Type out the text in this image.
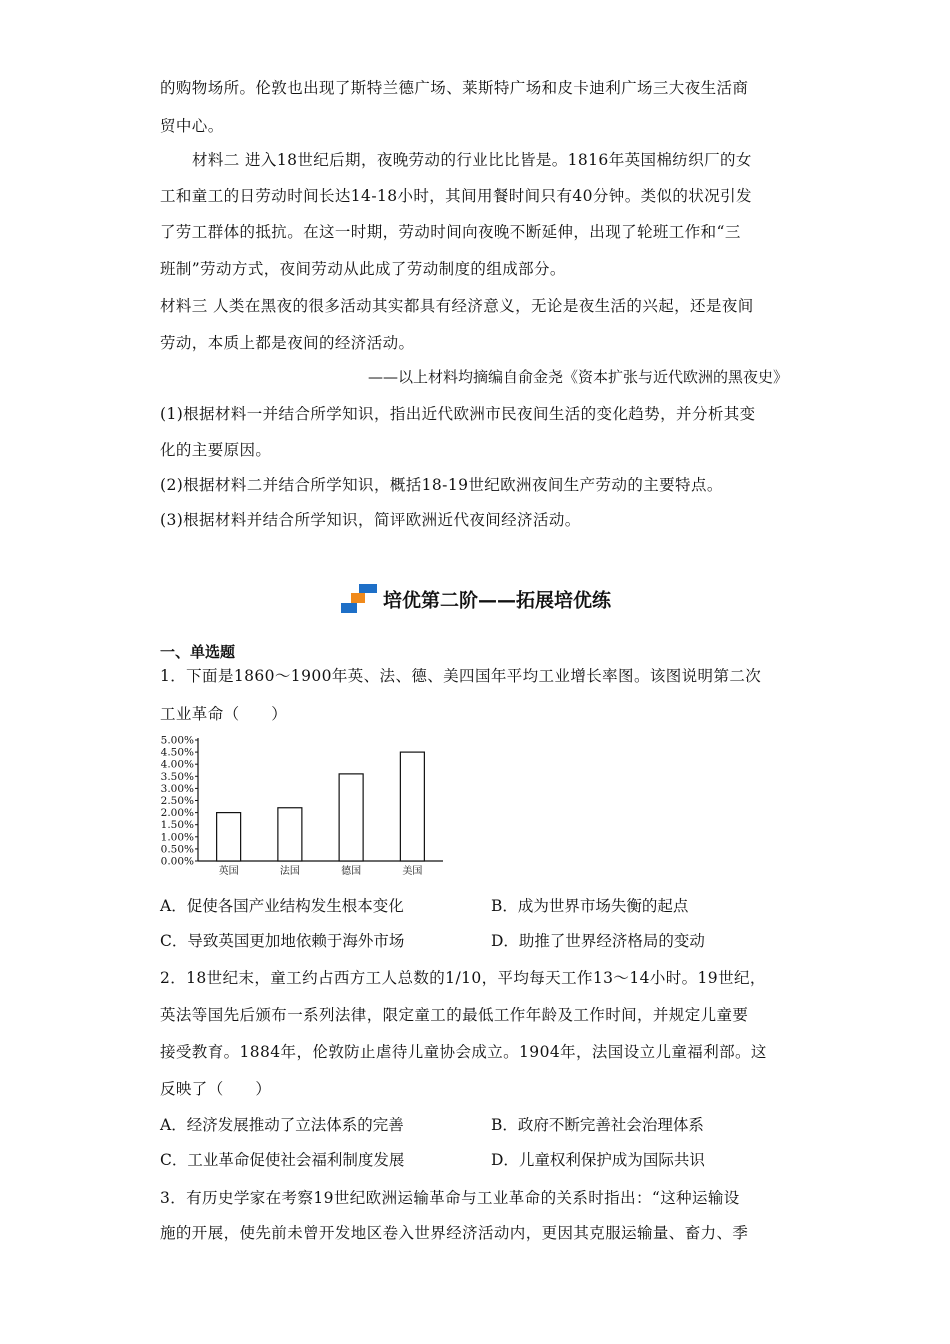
的购物场所。伦敦也出现了斯特兰德广场、莱斯特广场和皮卡迪利广场三大夜生活商
贸中心。
材料二 进入18世纪后期，夜晚劳动的行业比比皆是。1816年英国棉纺织厂的女
工和童工的日劳动时间长达14-18小时，其间用餐时间只有40分钟。类似的状况引发
了劳工群体的抵抗。在这一时期，劳动时间向夜晚不断延伸，出现了轮班工作和“三
班制”劳动方式，夜间劳动从此成了劳动制度的组成部分。
材料三 人类在黑夜的很多活动其实都具有经济意义，无论是夜生活的兴起，还是夜间
劳动，本质上都是夜间的经济活动。
——以上材料均摘编自俞金尧《资本扩张与近代欧洲的黑夜史》
(1)根据材料一并结合所学知识，指出近代欧洲市民夜间生活的变化趋势，并分析其变
化的主要原因。
(2)根据材料二并结合所学知识，概括18-19世纪欧洲夜间生产劳动的主要特点。
(3)根据材料并结合所学知识，简评欧洲近代夜间经济活动。
培优第二阶——拓展培优练
一、单选题
1．下面是1860～1900年英、法、德、美四国年平均工业增长率图。该图说明第二次
工业革命（　　）
0.00%
0.50%
1.00%
1.50%
2.00%
2.50%
3.00%
3.50%
4.00%
4.50%
5.00%
英国	法国	德国	美国
A．促使各国产业结构发生根本变化	B．成为世界市场失衡的起点
C．导致英国更加地依赖于海外市场	D．助推了世界经济格局的变动
2．18世纪末，童工约占西方工人总数的1/10，平均每天工作13～14小时。19世纪，
英法等国先后颁布一系列法律，限定童工的最低工作年龄及工作时间，并规定儿童要
接受教育。1884年，伦敦防止虐待儿童协会成立。1904年，法国设立儿童福利部。这
反映了（　　）
A．经济发展推动了立法体系的完善	B．政府不断完善社会治理体系
C．工业革命促使社会福利制度发展	D．儿童权利保护成为国际共识
3．有历史学家在考察19世纪欧洲运输革命与工业革命的关系时指出：“这种运输设
施的开展，使先前未曾开发地区卷入世界经济活动内，更因其克服运输量、畜力、季
